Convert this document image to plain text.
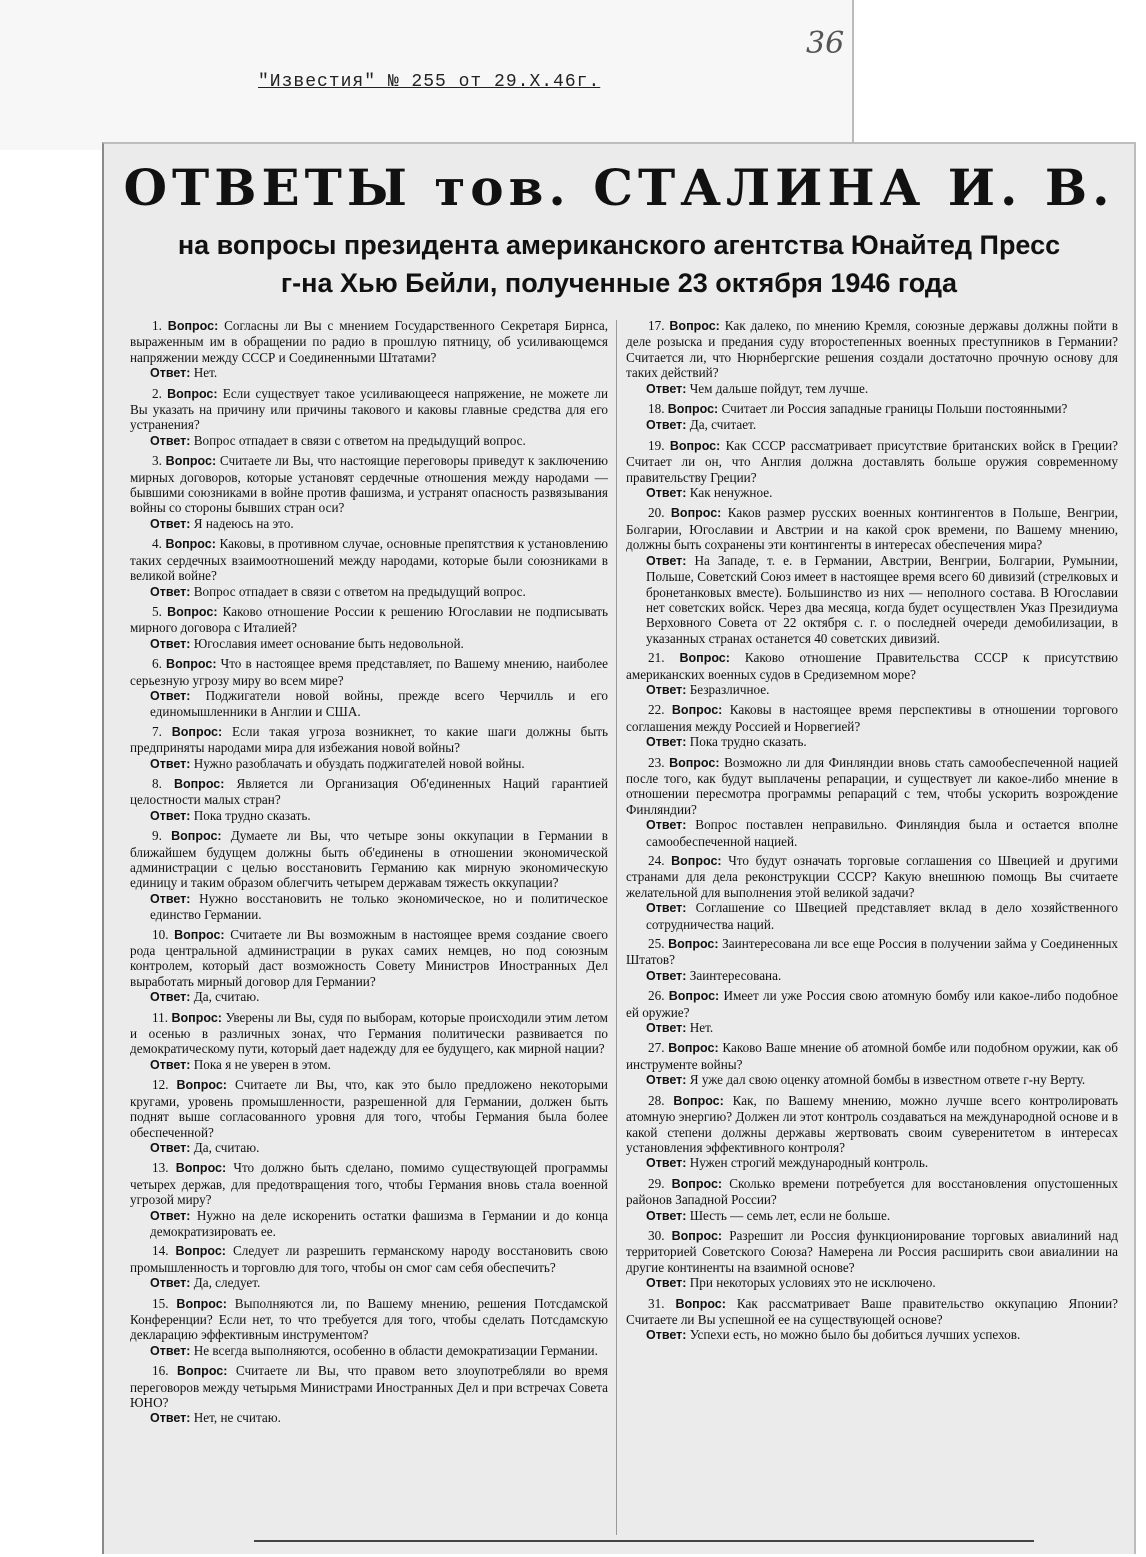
36
"Известия" № 255 от 29.X.46г.
ОТВЕТЫ тов. СТАЛИНА И. В.
на вопросы президента американского агентства Юнайтед Пресс
г-на Хью Бейли, полученные 23 октября 1946 года

1. Вопрос: Согласны ли Вы с мнением Государственного Секретаря Бирнса, выраженным им в обращении по радио в прошлую пятницу, об усиливающемся напряжении между СССР и Соединенными Штатами?

Ответ: Нет.

2. Вопрос: Если существует такое усиливающееся напряжение, не можете ли Вы указать на причину или причины такового и каковы главные средства для его устранения?

Ответ: Вопрос отпадает в связи с ответом на предыдущий вопрос.

3. Вопрос: Считаете ли Вы, что настоящие переговоры приведут к заключению мирных договоров, которые установят сердечные отношения между народами — бывшими союзниками в войне против фашизма, и устранят опасность развязывания войны со стороны бывших стран оси?

Ответ: Я надеюсь на это.

4. Вопрос: Каковы, в противном случае, основные препятствия к установлению таких сердечных взаимоотношений между народами, которые были союзниками в великой войне?

Ответ: Вопрос отпадает в связи с ответом на предыдущий вопрос.

5. Вопрос: Каково отношение России к решению Югославии не подписывать мирного договора с Италией?

Ответ: Югославия имеет основание быть недовольной.

6. Вопрос: Что в настоящее время представляет, по Вашему мнению, наиболее серьезную угрозу миру во всем мире?

Ответ: Поджигатели новой войны, прежде всего Черчилль и его единомышленники в Англии и США.

7. Вопрос: Если такая угроза возникнет, то какие шаги должны быть предприняты народами мира для избежания новой войны?

Ответ: Нужно разоблачать и обуздать поджигателей новой войны.

8. Вопрос: Является ли Организация Об'единенных Наций гарантией целостности малых стран?

Ответ: Пока трудно сказать.

9. Вопрос: Думаете ли Вы, что четыре зоны оккупации в Германии в ближайшем будущем должны быть об'единены в отношении экономической администрации с целью восстановить Германию как мирную экономическую единицу и таким образом облегчить четырем державам тяжесть оккупации?

Ответ: Нужно восстановить не только экономическое, но и политическое единство Германии.

10. Вопрос: Считаете ли Вы возможным в настоящее время создание своего рода центральной администрации в руках самих немцев, но под союзным контролем, который даст возможность Совету Министров Иностранных Дел выработать мирный договор для Германии?

Ответ: Да, считаю.

11. Вопрос: Уверены ли Вы, судя по выборам, которые происходили этим летом и осенью в различных зонах, что Германия политически развивается по демократическому пути, который дает надежду для ее будущего, как мирной нации?

Ответ: Пока я не уверен в этом.

12. Вопрос: Считаете ли Вы, что, как это было предложено некоторыми кругами, уровень промышленности, разрешенной для Германии, должен быть поднят выше согласованного уровня для того, чтобы Германия была более обеспеченной?

Ответ: Да, считаю.

13. Вопрос: Что должно быть сделано, помимо существующей программы четырех держав, для предотвращения того, чтобы Германия вновь стала военной угрозой миру?

Ответ: Нужно на деле искоренить остатки фашизма в Германии и до конца демократизировать ее.

14. Вопрос: Следует ли разрешить германскому народу восстановить свою промышленность и торговлю для того, чтобы он смог сам себя обеспечить?

Ответ: Да, следует.

15. Вопрос: Выполняются ли, по Вашему мнению, решения Потсдамской Конференции? Если нет, то что требуется для того, чтобы сделать Потсдамскую декларацию эффективным инструментом?

Ответ: Не всегда выполняются, особенно в области демократизации Германии.

16. Вопрос: Считаете ли Вы, что правом вето злоупотребляли во время переговоров между четырьмя Министрами Иностранных Дел и при встречах Совета ЮНО?

Ответ: Нет, не считаю.

17. Вопрос: Как далеко, по мнению Кремля, союзные державы должны пойти в деле розыска и предания суду второстепенных военных преступников в Германии? Считается ли, что Нюрнбергские решения создали достаточно прочную основу для таких действий?

Ответ: Чем дальше пойдут, тем лучше.

18. Вопрос: Считает ли Россия западные границы Польши постоянными?

Ответ: Да, считает.

19. Вопрос: Как СССР рассматривает присутствие британских войск в Греции? Считает ли он, что Англия должна доставлять больше оружия современному правительству Греции?

Ответ: Как ненужное.

20. Вопрос: Каков размер русских военных контингентов в Польше, Венгрии, Болгарии, Югославии и Австрии и на какой срок времени, по Вашему мнению, должны быть сохранены эти контингенты в интересах обеспечения мира?

Ответ: На Западе, т. е. в Германии, Австрии, Венгрии, Болгарии, Румынии, Польше, Советский Союз имеет в настоящее время всего 60 дивизий (стрелковых и бронетанковых вместе). Большинство из них — неполного состава. В Югославии нет советских войск. Через два месяца, когда будет осуществлен Указ Президиума Верховного Совета от 22 октября с. г. о последней очереди демобилизации, в указанных странах останется 40 советских дивизий.

21. Вопрос: Каково отношение Правительства СССР к присутствию американских военных судов в Средиземном море?

Ответ: Безразличное.

22. Вопрос: Каковы в настоящее время перспективы в отношении торгового соглашения между Россией и Норвегией?

Ответ: Пока трудно сказать.

23. Вопрос: Возможно ли для Финляндии вновь стать самообеспеченной нацией после того, как будут выплачены репарации, и существует ли какое-либо мнение в отношении пересмотра программы репараций с тем, чтобы ускорить возрождение Финляндии?

Ответ: Вопрос поставлен неправильно. Финляндия была и остается вполне самообеспеченной нацией.

24. Вопрос: Что будут означать торговые соглашения со Швецией и другими странами для дела реконструкции СССР? Какую внешнюю помощь Вы считаете желательной для выполнения этой великой задачи?

Ответ: Соглашение со Швецией представляет вклад в дело хозяйственного сотрудничества наций.

25. Вопрос: Заинтересована ли все еще Россия в получении займа у Соединенных Штатов?

Ответ: Заинтересована.

26. Вопрос: Имеет ли уже Россия свою атомную бомбу или какое-либо подобное ей оружие?

Ответ: Нет.

27. Вопрос: Каково Ваше мнение об атомной бомбе или подобном оружии, как об инструменте войны?

Ответ: Я уже дал свою оценку атомной бомбы в известном ответе г-ну Верту.

28. Вопрос: Как, по Вашему мнению, можно лучше всего контролировать атомную энергию? Должен ли этот контроль создаваться на международной основе и в какой степени должны державы жертвовать своим суверенитетом в интересах установления эффективного контроля?

Ответ: Нужен строгий международный контроль.

29. Вопрос: Сколько времени потребуется для восстановления опустошенных районов Западной России?

Ответ: Шесть — семь лет, если не больше.

30. Вопрос: Разрешит ли Россия функционирование торговых авиалиний над территорией Советского Союза? Намерена ли Россия расширить свои авиалинии на другие континенты на взаимной основе?

Ответ: При некоторых условиях это не исключено.

31. Вопрос: Как рассматривает Ваше правительство оккупацию Японии? Считаете ли Вы успешной ее на существующей основе?

Ответ: Успехи есть, но можно было бы добиться лучших успехов.
